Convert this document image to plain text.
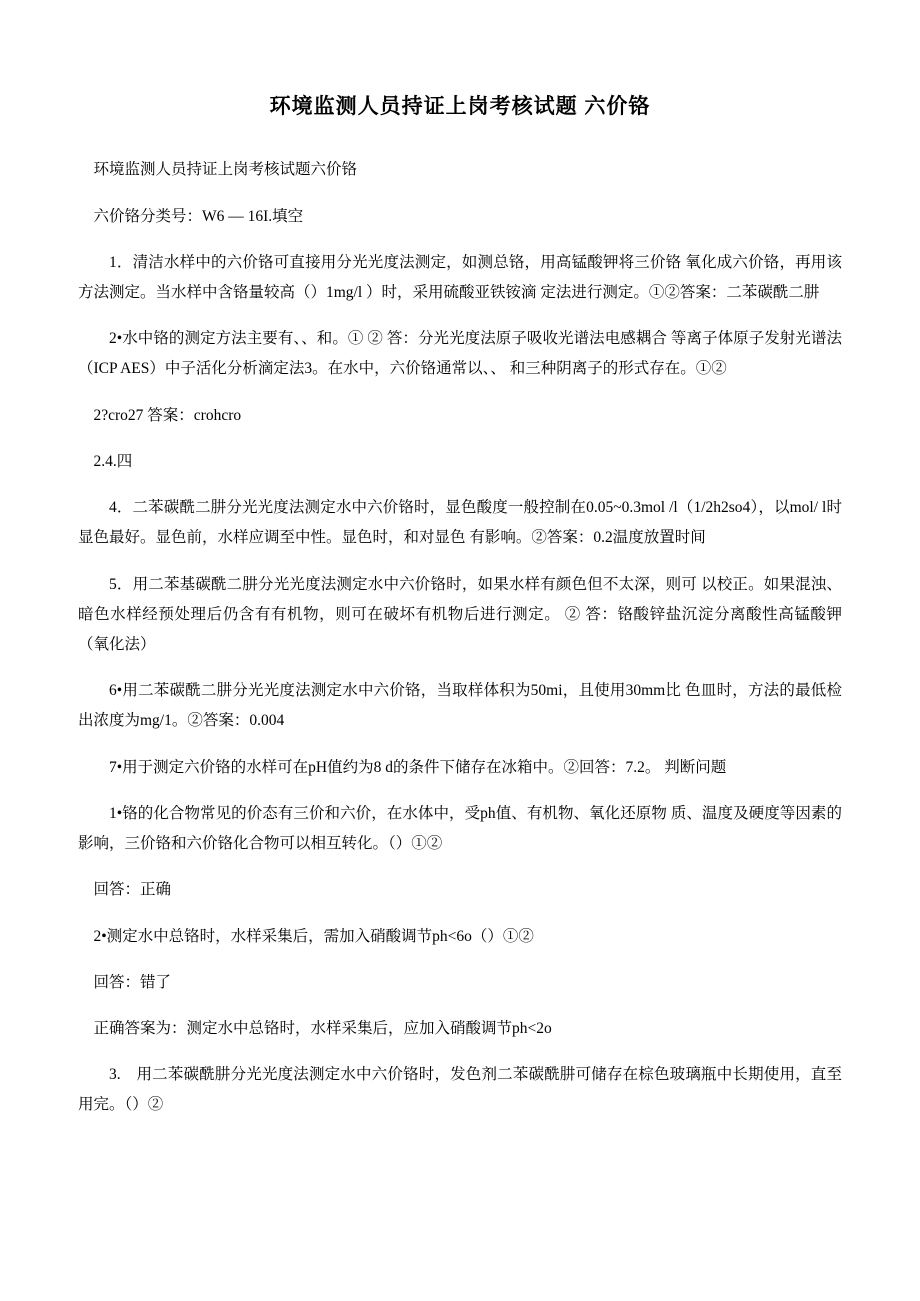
环境监测人员持证上岗考核试题 六价铬

环境监测人员持证上岗考核试题六价铬

六价铬分类号：W6 — 16I.填空

1．清洁水样中的六价铬可直接用分光光度法测定，如测总铬，用高锰酸钾将三价铬 氧化成六价铬，再用该方法测定。当水样中含铬量较高（）1mg/l ）时，采用硫酸亚铁铵滴 定法进行测定。①②答案：二苯碳酰二肼

2•水中铬的测定方法主要有、、和。① ② 答：分光光度法原子吸收光谱法电感耦合 等离子体原子发射光谱法（ICP AES）中子活化分析滴定法3。在水中，六价铬通常以、、 和三种阴离子的形式存在。①②

2?cro27 答案：crohcro

2.4.四

4．二苯碳酰二肼分光光度法测定水中六价铬时，显色酸度一般控制在0.05~0.3mol /l（1/2h2so4），以mol/ l时显色最好。显色前，水样应调至中性。显色时，和对显色 有影响。②答案：0.2温度放置时间

5．用二苯基碳酰二肼分光光度法测定水中六价铬时，如果水样有颜色但不太深，则可 以校正。如果混浊、暗色水样经预处理后仍含有有机物，则可在破坏有机物后进行测定。 ② 答：铬酸锌盐沉淀分离酸性高锰酸钾（氧化法）

6•用二苯碳酰二肼分光光度法测定水中六价铬，当取样体积为50mi，且使用30mm比 色皿时，方法的最低检出浓度为mg/1。②答案：0.004

7•用于测定六价铬的水样可在pH值约为8 d的条件下储存在冰箱中。②回答：7.2。 判断问题

1•铬的化合物常见的价态有三价和六价，在水体中，受ph值、有机物、氧化还原物 质、温度及硬度等因素的影响，三价铬和六价铬化合物可以相互转化。（）①②

回答：正确

2•测定水中总铬时，水样采集后，需加入硝酸调节ph<6o（）①②

回答：错了

正确答案为：测定水中总铬时，水样采集后，应加入硝酸调节ph<2o

3.　用二苯碳酰肼分光光度法测定水中六价铬时，发色剂二苯碳酰肼可储存在棕色玻璃瓶中长期使用，直至用完。（）②
